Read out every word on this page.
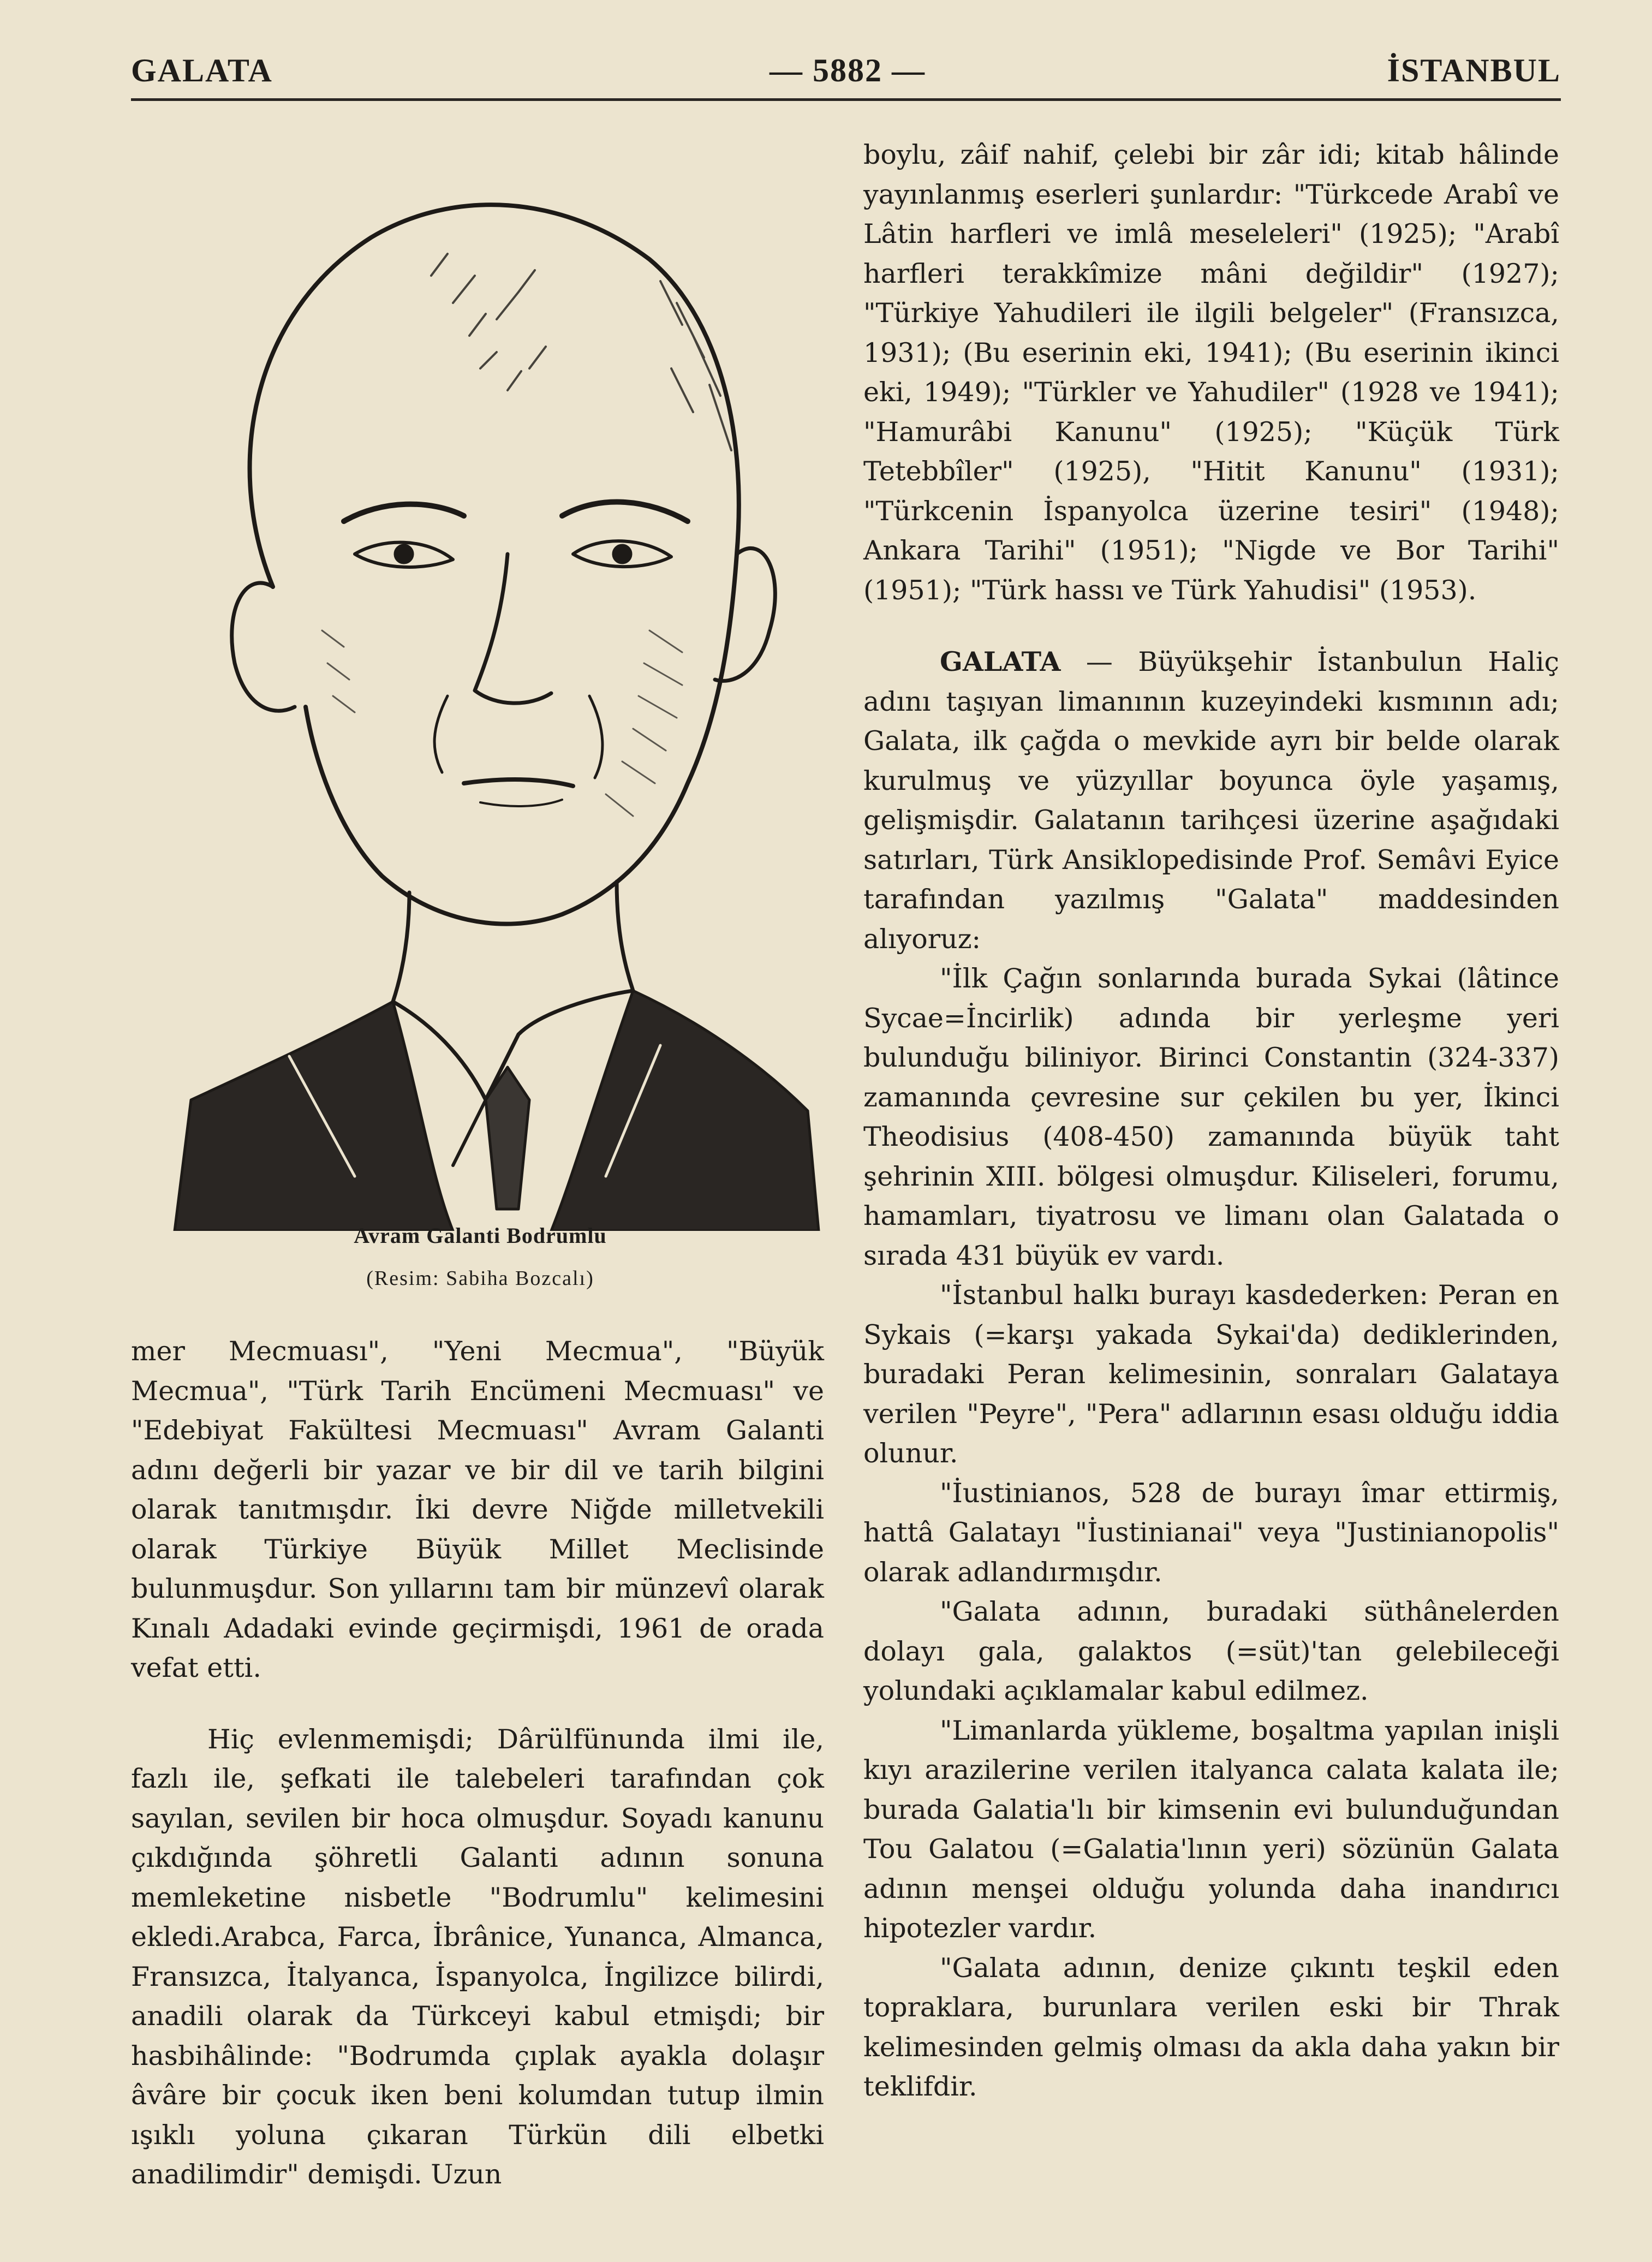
GALATA	— 5882 —	İSTANBUL
Avram Galanti Bodrumlu
(Resim: Sabiha Bozcalı)

mer Mecmuası", "Yeni Mecmua", "Büyük Mecmua", "Türk Tarih Encümeni Mecmuası" ve "Edebiyat Fakültesi Mecmuası" Avram Galanti adını değerli bir yazar ve bir dil ve tarih bilgini olarak tanıtmışdır. İki devre Niğde milletvekili olarak Türkiye Büyük Millet Meclisinde bulunmuşdur. Son yıllarını tam bir münzevî olarak Kınalı Adadaki evinde geçirmişdi, 1961 de orada vefat etti.

Hiç evlenmemişdi; Dârülfünunda ilmi ile, fazlı ile, şefkati ile talebeleri tarafından çok sayılan, sevilen bir hoca olmuşdur. Soyadı kanunu çıkdığında şöhretli Galanti adının sonuna memleketine nisbetle "Bodrumlu" kelimesini ekledi.Arabca, Farca, İbrânice, Yunanca, Almanca, Fransızca, İtalyanca, İspanyolca, İngilizce bilirdi, anadili olarak da Türkceyi kabul etmişdi; bir hasbihâlinde: "Bodrumda çıplak ayakla dolaşır âvâre bir çocuk iken beni kolumdan tutup ilmin ışıklı yoluna çıkaran Türkün dili elbetki anadilimdir" demişdi. Uzun

boylu, zâif nahif, çelebi bir zâr idi; kitab hâlinde yayınlanmış eserleri şunlardır: "Türkcede Arabî ve Lâtin harfleri ve imlâ meseleleri" (1925); "Arabî harfleri terakkîmize mâni değildir" (1927); "Türkiye Yahudileri ile ilgili belgeler" (Fransızca, 1931); (Bu eserinin eki, 1941); (Bu eserinin ikinci eki, 1949); "Türkler ve Yahudiler" (1928 ve 1941); "Hamurâbi Kanunu" (1925); "Küçük Türk Tetebbîler" (1925), "Hitit Kanunu" (1931); "Türkcenin İspanyolca üzerine tesiri" (1948); Ankara Tarihi" (1951); "Nigde ve Bor Tarihi" (1951); "Türk hassı ve Türk Yahudisi" (1953).

GALATA — Büyükşehir İstanbulun Haliç adını taşıyan limanının kuzeyindeki kısmının adı; Galata, ilk çağda o mevkide ayrı bir belde olarak kurulmuş ve yüzyıllar boyunca öyle yaşamış, gelişmişdir. Galatanın tarihçesi üzerine aşağıdaki satırları, Türk Ansiklopedisinde Prof. Semâvi Eyice tarafından yazılmış "Galata" maddesinden alıyoruz:

"İlk Çağın sonlarında burada Sykai (lâtince Sycae=İncirlik) adında bir yerleşme yeri bulunduğu biliniyor. Birinci Constantin (324-337) zamanında çevresine sur çekilen bu yer, İkinci Theodisius (408-450) zamanında büyük taht şehrinin XIII. bölgesi olmuşdur. Kiliseleri, forumu, hamamları, tiyatrosu ve limanı olan Galatada o sırada 431 büyük ev vardı.

"İstanbul halkı burayı kasdederken: Peran en Sykais (=karşı yakada Sykai'da) dediklerinden, buradaki Peran kelimesinin, sonraları Galataya verilen "Peyre", "Pera" adlarının esası olduğu iddia olunur.

"İustinianos, 528 de burayı îmar ettirmiş, hattâ Galatayı "İustinianai" veya "Justinianopolis" olarak adlandırmışdır.

"Galata adının, buradaki süthânelerden dolayı gala, galaktos (=süt)'tan gelebileceği yolundaki açıklamalar kabul edilmez.

"Limanlarda yükleme, boşaltma yapılan inişli kıyı arazilerine verilen italyanca calata kalata ile; burada Galatia'lı bir kimsenin evi bulunduğundan Tou Galatou (=Galatia'lının yeri) sözünün Galata adının menşei olduğu yolunda daha inandırıcı hipotezler vardır.

"Galata adının, denize çıkıntı teşkil eden topraklara, burunlara verilen eski bir Thrak kelimesinden gelmiş olması da akla daha yakın bir teklifdir.
